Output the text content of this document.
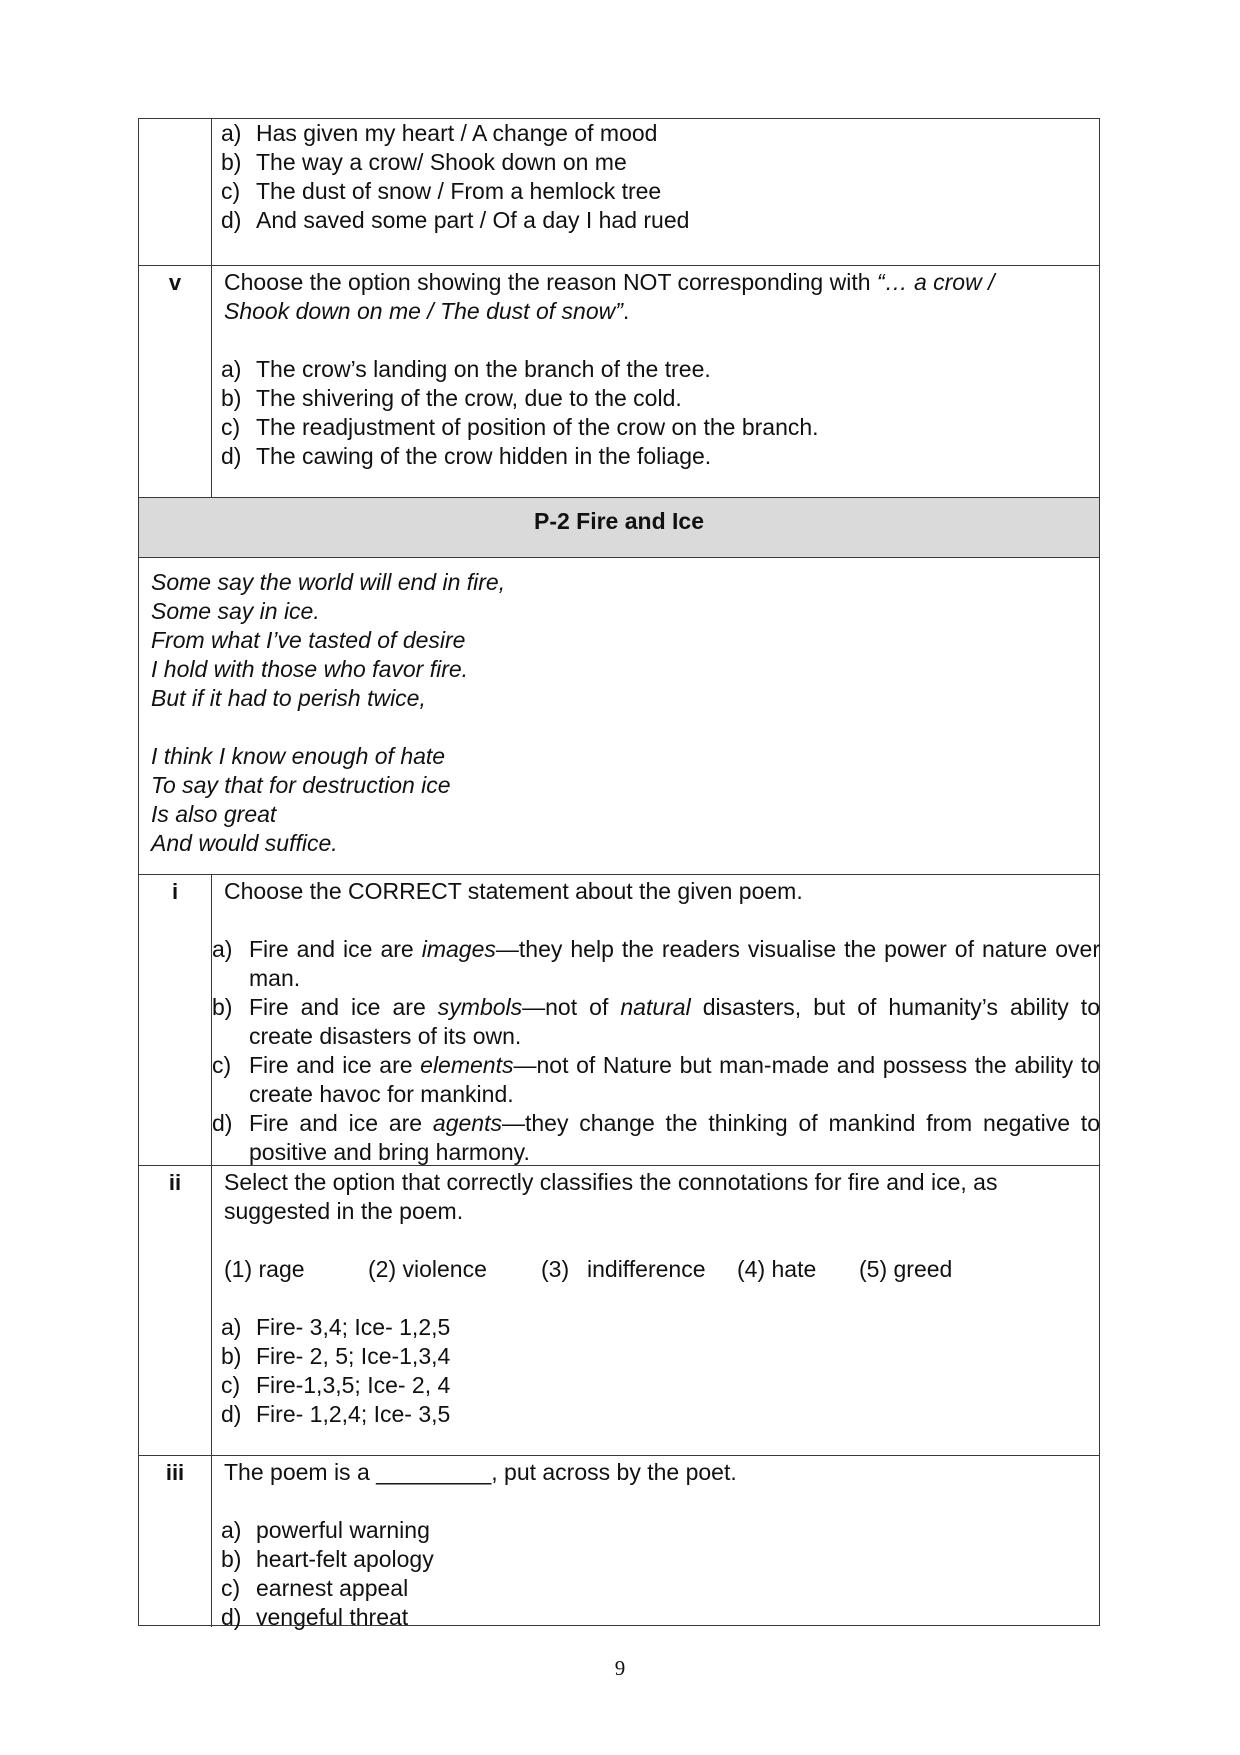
a) Has given my heart / A change of mood
b) The way a crow/ Shook down on me
c) The dust of snow / From a hemlock tree
d) And saved some part / Of a day I had rued
v	Choose the option showing the reason NOT corresponding with “… a crow /
Shook down on me / The dust of snow”.
a) The crow’s landing on the branch of the tree.
b) The shivering of the crow, due to the cold.
c) The readjustment of position of the crow on the branch.
d) The cawing of the crow hidden in the foliage.
P-2 Fire and Ice
Some say the world will end in fire,
Some say in ice.
From what I’ve tasted of desire
I hold with those who favor fire.
But if it had to perish twice,
I think I know enough of hate
To say that for destruction ice
Is also great
And would suffice.
i	Choose the CORRECT statement about the given poem.
a) Fire and ice are images—they help the readers visualise the power of nature over man.
b) Fire and ice are symbols—not of natural disasters, but of humanity’s ability to create disasters of its own.
c) Fire and ice are elements—not of Nature but man-made and possess the ability to create havoc for mankind.
d) Fire and ice are agents—they change the thinking of mankind from negative to positive and bring harmony.
ii	Select the option that correctly classifies the connotations for fire and ice, as
suggested in the poem.
(1) rage	(2) violence (3) indifference (4) hate (5) greed
a) Fire- 3,4; Ice- 1,2,5
b) Fire- 2, 5; Ice-1,3,4
c) Fire-1,3,5; Ice- 2, 4
d) Fire- 1,2,4; Ice- 3,5
iii	The poem is a _________, put across by the poet.
a) powerful warning
b) heart-felt apology
c) earnest appeal
d) vengeful threat
9
